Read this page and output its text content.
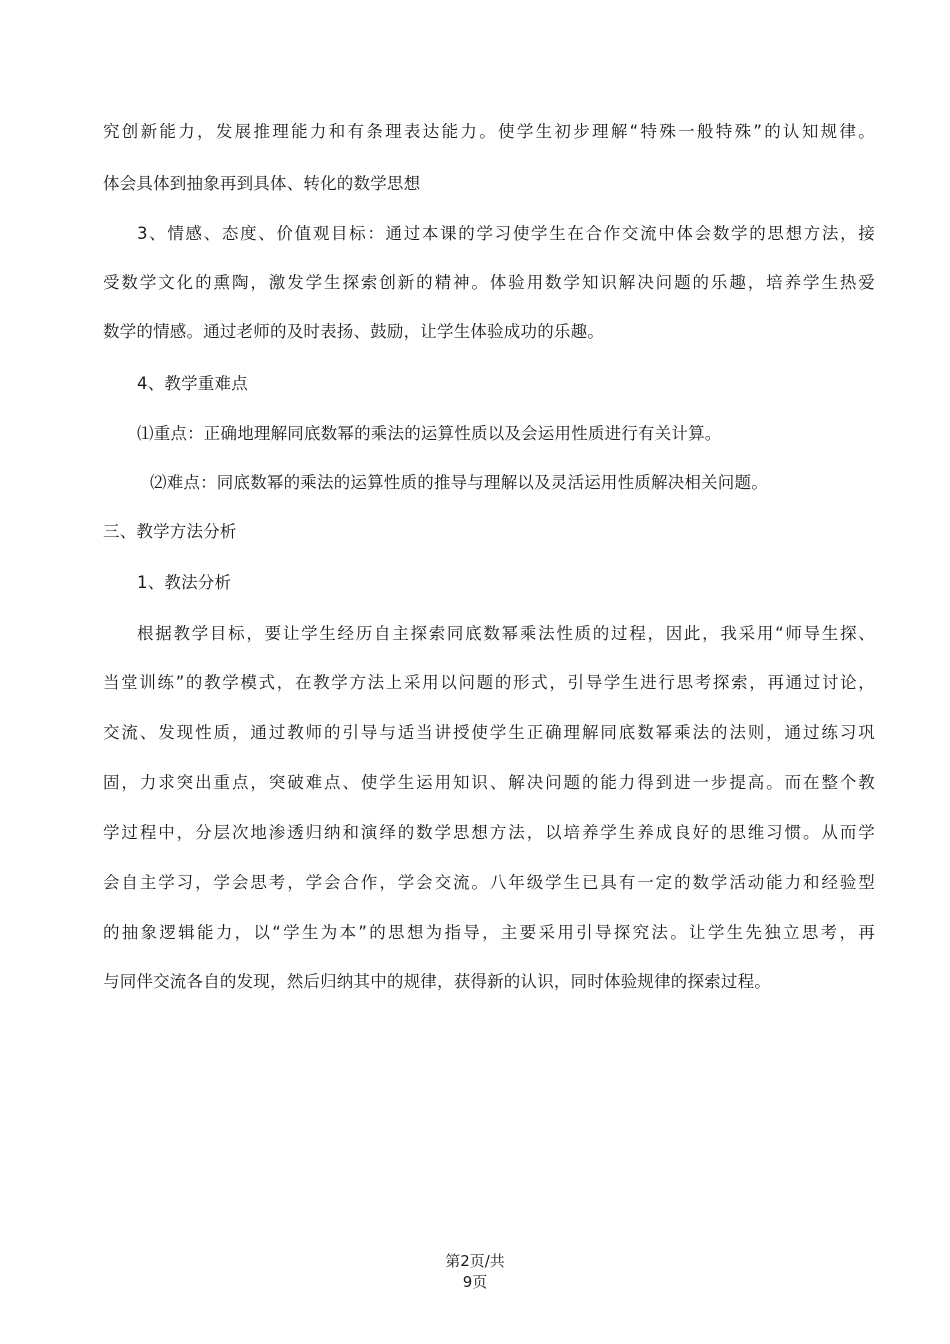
究创新能力，发展推理能力和有条理表达能力。使学生初步理解“特殊一般特殊”的认知规律。
体会具体到抽象再到具体、转化的数学思想
3、情感、态度、价值观目标：通过本课的学习使学生在合作交流中体会数学的思想方法，接
受数学文化的熏陶，激发学生探索创新的精神。体验用数学知识解决问题的乐趣，培养学生热爱
数学的情感。通过老师的及时表扬、鼓励，让学生体验成功的乐趣。
4、教学重难点
⑴重点：正确地理解同底数幂的乘法的运算性质以及会运用性质进行有关计算。
⑵难点：同底数幂的乘法的运算性质的推导与理解以及灵活运用性质解决相关问题。
三、教学方法分析
1、教法分析
根据教学目标，要让学生经历自主探索同底数幂乘法性质的过程，因此，我采用“师导生探、
当堂训练”的教学模式，在教学方法上采用以问题的形式，引导学生进行思考探索，再通过讨论，
交流、发现性质，通过教师的引导与适当讲授使学生正确理解同底数幂乘法的法则，通过练习巩
固，力求突出重点，突破难点、使学生运用知识、解决问题的能力得到进一步提高。而在整个教
学过程中，分层次地渗透归纳和演绎的数学思想方法，以培养学生养成良好的思维习惯。从而学
会自主学习，学会思考，学会合作，学会交流。八年级学生已具有一定的数学活动能力和经验型
的抽象逻辑能力，以“学生为本”的思想为指导，主要采用引导探究法。让学生先独立思考，再
与同伴交流各自的发现，然后归纳其中的规律，获得新的认识，同时体验规律的探索过程。
第2页/共
9页
